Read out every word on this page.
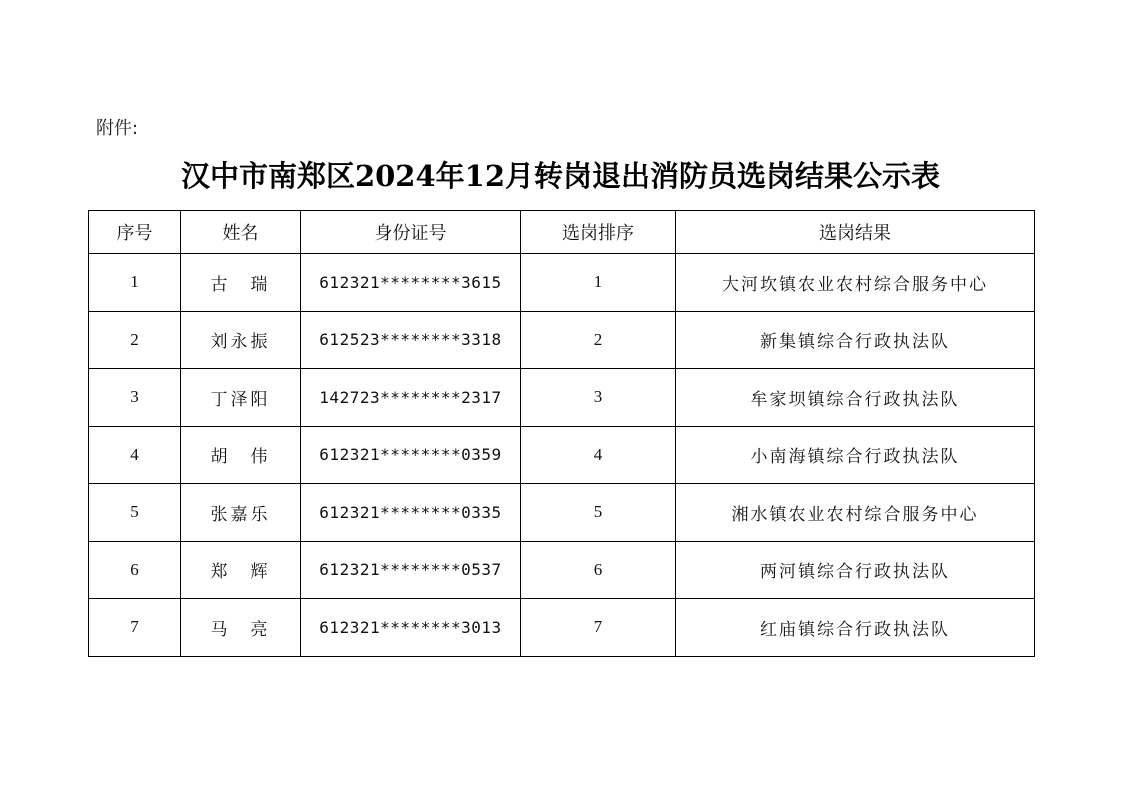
附件:
汉中市南郑区2024年12月转岗退出消防员选岗结果公示表
序号	姓名	身份证号	选岗排序	选岗结果
1	古　瑞	612321********3615	1	大河坎镇农业农村综合服务中心
2	刘永振	612523********3318	2	新集镇综合行政执法队
3	丁泽阳	142723********2317	3	牟家坝镇综合行政执法队
4	胡　伟	612321********0359	4	小南海镇综合行政执法队
5	张嘉乐	612321********0335	5	湘水镇农业农村综合服务中心
6	郑　辉	612321********0537	6	两河镇综合行政执法队
7	马　亮	612321********3013	7	红庙镇综合行政执法队
